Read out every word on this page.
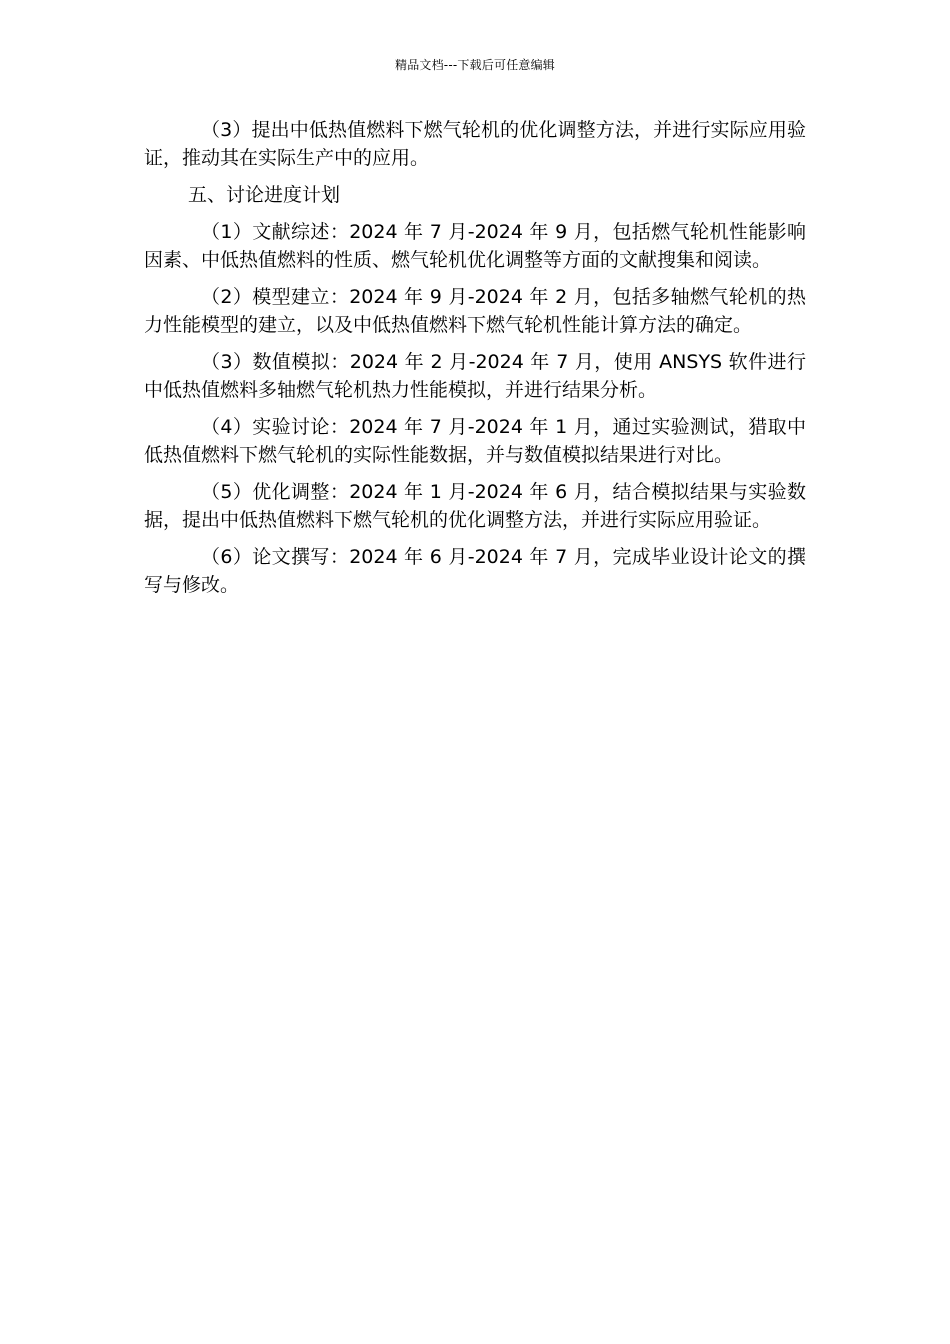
精品文档---下载后可任意编辑

（3）提出中低热值燃料下燃气轮机的优化调整方法，并进行实际应用验证，推动其在实际生产中的应用。

五、讨论进度计划

（1）文献综述：2024 年 7 月-2024 年 9 月，包括燃气轮机性能影响因素、中低热值燃料的性质、燃气轮机优化调整等方面的文献搜集和阅读。

（2）模型建立：2024 年 9 月-2024 年 2 月，包括多轴燃气轮机的热力性能模型的建立，以及中低热值燃料下燃气轮机性能计算方法的确定。

（3）数值模拟：2024 年 2 月-2024 年 7 月，使用 ANSYS 软件进行中低热值燃料多轴燃气轮机热力性能模拟，并进行结果分析。

（4）实验讨论：2024 年 7 月-2024 年 1 月，通过实验测试，猎取中低热值燃料下燃气轮机的实际性能数据，并与数值模拟结果进行对比。

（5）优化调整：2024 年 1 月-2024 年 6 月，结合模拟结果与实验数据，提出中低热值燃料下燃气轮机的优化调整方法，并进行实际应用验证。

（6）论文撰写：2024 年 6 月-2024 年 7 月，完成毕业设计论文的撰写与修改。
